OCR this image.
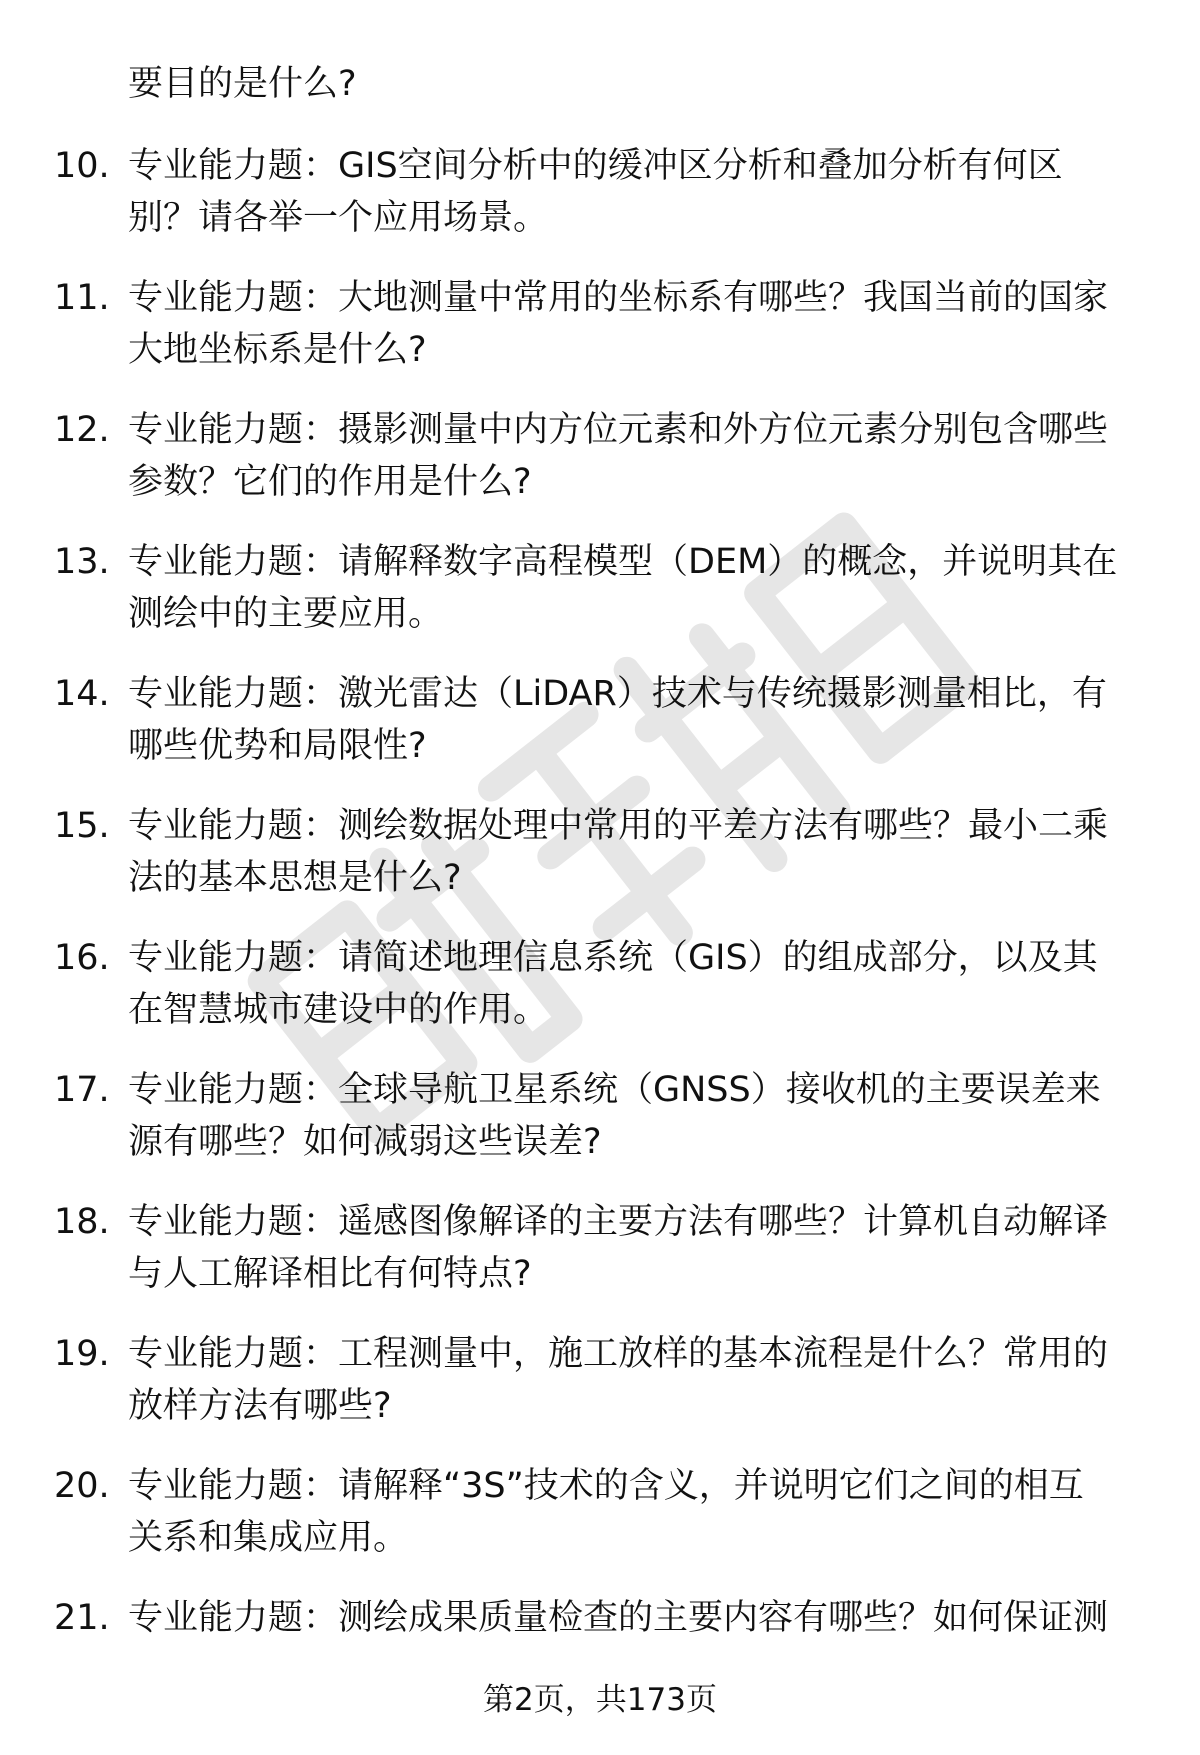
要目的是什么?
10. 专业能力题：GIS空间分析中的缓冲区分析和叠加分析有何区
别？请各举一个应用场景。
11. 专业能力题：大地测量中常用的坐标系有哪些？我国当前的国家
大地坐标系是什么?
12. 专业能力题：摄影测量中内方位元素和外方位元素分别包含哪些
参数？它们的作用是什么?
13. 专业能力题：请解释数字高程模型（DEM）的概念，并说明其在
测绘中的主要应用。
14. 专业能力题：激光雷达（LiDAR）技术与传统摄影测量相比，有
哪些优势和局限性?
15. 专业能力题：测绘数据处理中常用的平差方法有哪些？最小二乘
法的基本思想是什么?
16. 专业能力题：请简述地理信息系统（GIS）的组成部分，以及其
在智慧城市建设中的作用。
17. 专业能力题：全球导航卫星系统（GNSS）接收机的主要误差来
源有哪些？如何减弱这些误差?
18. 专业能力题：遥感图像解译的主要方法有哪些？计算机自动解译
与人工解译相比有何特点?
19. 专业能力题：工程测量中，施工放样的基本流程是什么？常用的
放样方法有哪些?
20. 专业能力题：请解释“3S”技术的含义，并说明它们之间的相互
关系和集成应用。
21. 专业能力题：测绘成果质量检查的主要内容有哪些？如何保证测
第2页，共173页
